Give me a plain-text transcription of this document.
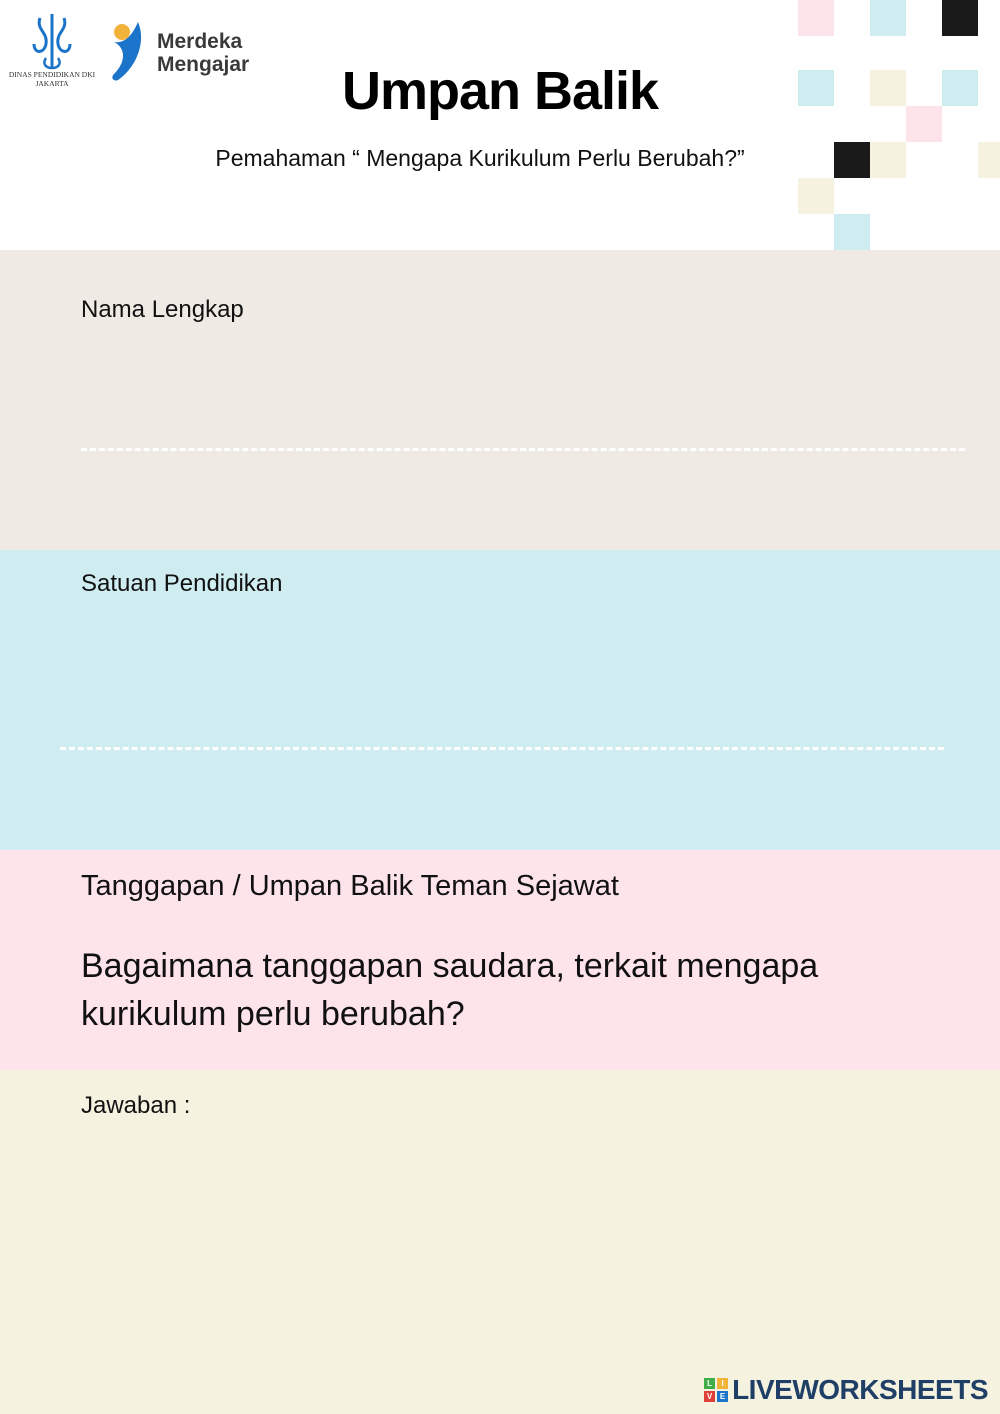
DINAS PENDIDIKAN DKI JAKARTA
Merdeka
Mengajar	Umpan Balik
Pemahaman “ Mengapa Kurikulum Perlu Berubah?”
Nama Lengkap
Satuan Pendidikan
Tanggapan / Umpan Balik Teman Sejawat
Bagaimana tanggapan saudara, terkait mengapa kurikulum perlu berubah?
Jawaban :
L	I
V E LIVEWORKSHEETS
